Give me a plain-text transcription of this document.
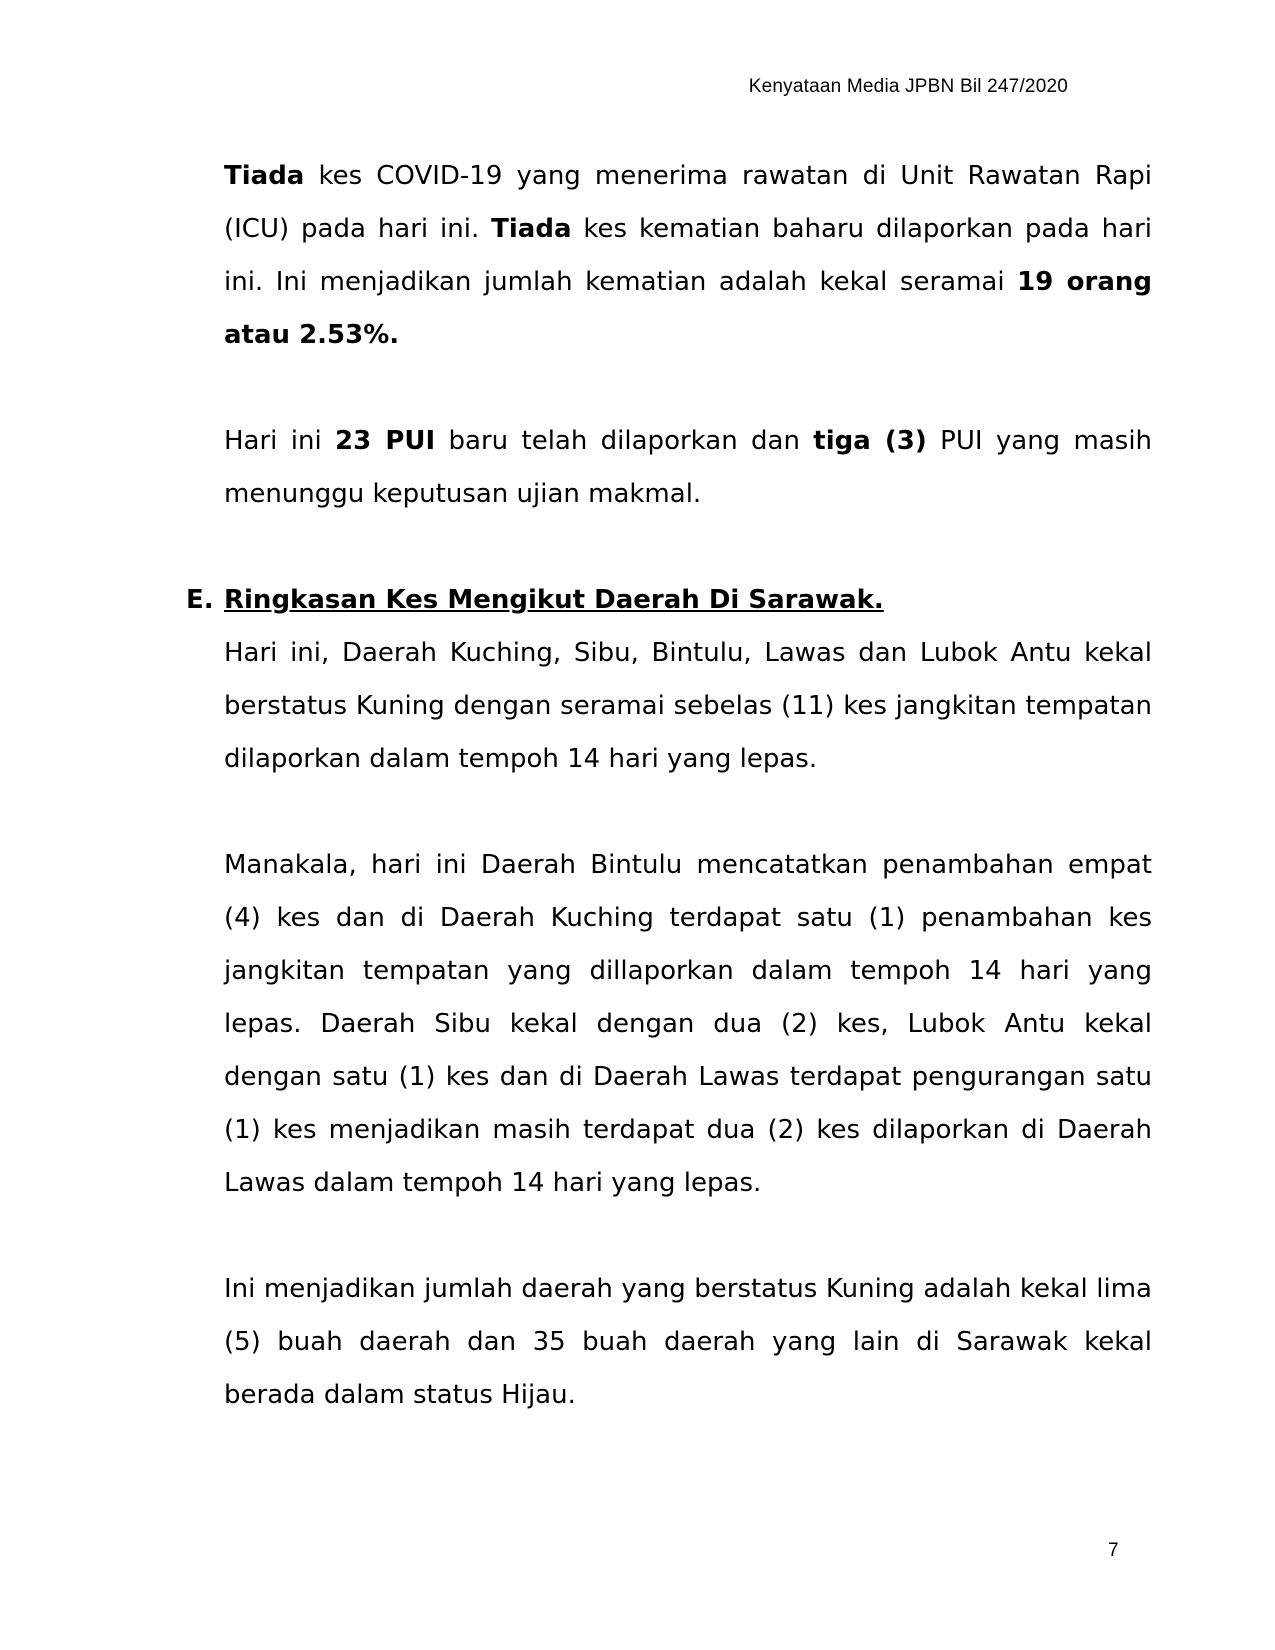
Kenyataan Media JPBN Bil 247/2020

Tiada kes COVID-19 yang menerima rawatan di Unit Rawatan Rapi (ICU) pada hari ini. Tiada kes kematian baharu dilaporkan pada hari ini. Ini menjadikan jumlah kematian adalah kekal seramai 19 orang atau 2.53%.

Hari ini 23 PUI baru telah dilaporkan dan tiga (3) PUI yang masih menunggu keputusan ujian makmal.

E. Ringkasan Kes Mengikut Daerah Di Sarawak.

Hari ini, Daerah Kuching, Sibu, Bintulu, Lawas dan Lubok Antu kekal berstatus Kuning dengan seramai sebelas (11) kes jangkitan tempatan dilaporkan dalam tempoh 14 hari yang lepas.

Manakala, hari ini Daerah Bintulu mencatatkan penambahan empat (4) kes dan di Daerah Kuching terdapat satu (1) penambahan kes jangkitan tempatan yang dillaporkan dalam tempoh 14 hari yang lepas. Daerah Sibu kekal dengan dua (2) kes, Lubok Antu kekal dengan satu (1) kes dan di Daerah Lawas terdapat pengurangan satu (1) kes menjadikan masih terdapat dua (2) kes dilaporkan di Daerah Lawas dalam tempoh 14 hari yang lepas.

Ini menjadikan jumlah daerah yang berstatus Kuning adalah kekal lima (5) buah daerah dan 35 buah daerah yang lain di Sarawak kekal berada dalam status Hijau.

7
